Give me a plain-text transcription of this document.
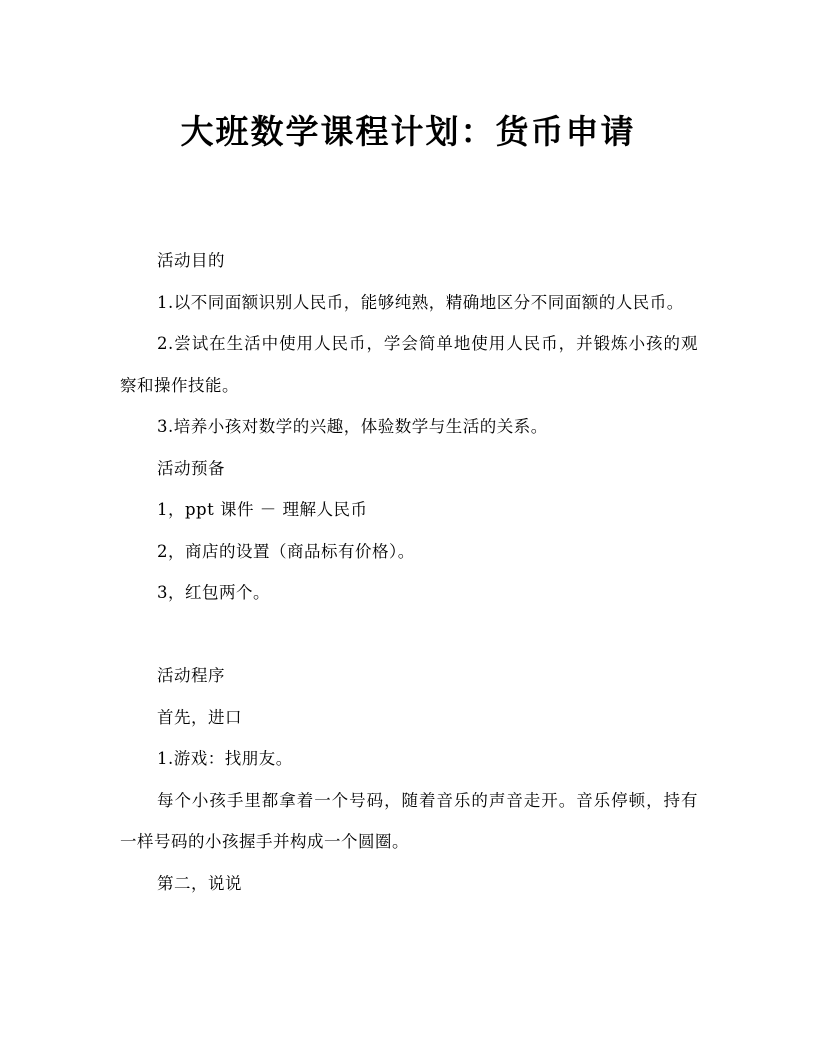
大班数学课程计划：货币申请

活动目的

1.以不同面额识别人民币，能够纯熟，精确地区分不同面额的人民币。

2.尝试在生活中使用人民币，学会简单地使用人民币，并锻炼小孩的观察和操作技能。

3.培养小孩对数学的兴趣，体验数学与生活的关系。

活动预备

1，ppt 课件 － 理解人民币

2，商店的设置（商品标有价格）。

3，红包两个。

活动程序

首先，进口

1.游戏：找朋友。

每个小孩手里都拿着一个号码，随着音乐的声音走开。音乐停顿，持有一样号码的小孩握手并构成一个圆圈。

第二，说说
